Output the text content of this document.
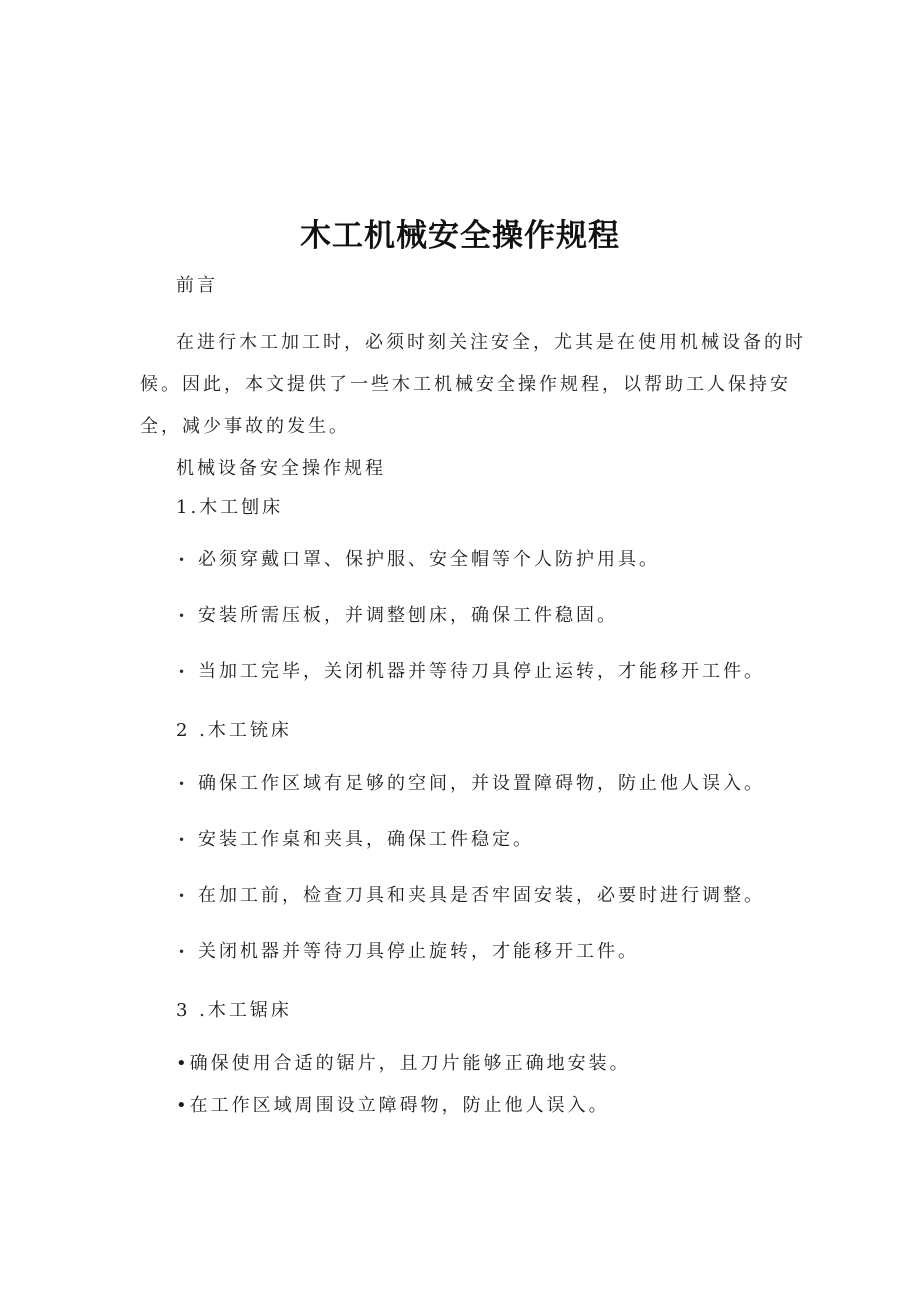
木工机械安全操作规程
前言
在进行木工加工时，必须时刻关注安全，尤其是在使用机械设备的时
候。因此，本文提供了一些木工机械安全操作规程，以帮助工人保持安
全，减少事故的发生。
机械设备安全操作规程
1.木工刨床
• 必须穿戴口罩、保护服、安全帽等个人防护用具。
• 安装所需压板，并调整刨床，确保工件稳固。
• 当加工完毕，关闭机器并等待刀具停止运转，才能移开工件。
2 .木工铳床
• 确保工作区域有足够的空间，并设置障碍物，防止他人误入。
• 安装工作桌和夹具，确保工件稳定。
• 在加工前，检查刀具和夹具是否牢固安装，必要时进行调整。
• 关闭机器并等待刀具停止旋转，才能移开工件。
3 .木工锯床
•确保使用合适的锯片，且刀片能够正确地安装。
•在工作区域周围设立障碍物，防止他人误入。
